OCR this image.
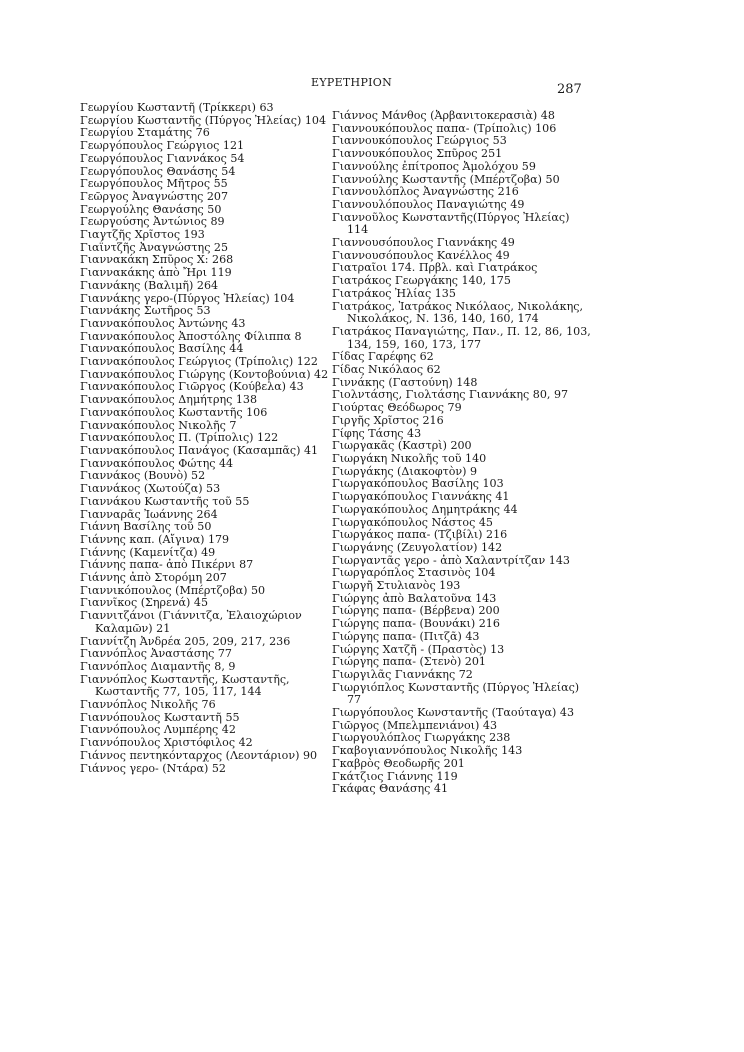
ΕΥΡΕΤΗΡΙΟΝ	287
Γεωργίου Κωσταντῆ (Τρίκκερι) 63
Γεωργίου Κωσταντῆς (Πύργος Ἠλείας) 104
Γεωργίου Σταμάτης 76
Γεωργόπουλος Γεώργιος 121
Γεωργόπουλος Γιαννάκος 54
Γεωργόπουλος Θανάσης 54
Γεωργόπουλος Μῆτρος 55
Γεῶργος Ἀναγνώστης 207
Γεωργούλης Θανάσης 50
Γεωργούσης Ἀντώνιος 89
Γιαγτζῆς Χρῖστος 193
Γιαΐντζῆς Ἀναγνώστης 25
Γιαννακάκη Σπῦρος Χ: 268
Γιαννακάκης ἀπὸ Ἤρι 119
Γιαννάκης (Βαλιμῆ) 264
Γιαννάκης γερο-(Πύργος Ἠλείας) 104
Γιαννάκης Σωτῆρος 53
Γιαννακόπουλος Ἀντώνης 43
Γιαννακόπουλος Ἀποστόλης Φίλιππα 8
Γιαννακόπουλος Βασίλης 44
Γιαννακόπουλος Γεώργιος (Τρίπολις) 122
Γιαννακόπουλος Γιώργης (Κοντοβούνια) 42
Γιαννακόπουλος Γιῶργος (Κούβελα) 43
Γιαννακόπουλος Δημήτρης 138
Γιαννακόπουλος Κωσταντῆς 106
Γιαννακόπουλος Νικολῆς 7
Γιαννακόπουλος Π. (Τρίπολις) 122
Γιαννακόπουλος Πανάγος (Κασαμπᾶς) 41
Γιαννακόπουλος Φώτης 44
Γιαννάκος (Βουνὸ) 52
Γιαννάκος (Χωτούζα) 53
Γιαννάκου Κωσταντῆς τοῦ 55
Γιανναρᾶς Ἰωάννης 264
Γιάννη Βασίλης τοῦ 50
Γιάννης καπ. (Αἴγινα) 179
Γιάννης (Καμενίτζα) 49
Γιάννης παπα- ἀπὸ Πικέρνι 87
Γιάννης ἀπὸ Στορόμη 207
Γιαννικόπουλος (Μπέρτζοβα) 50
Γιαννῖκος (Σηρενά) 45
Γιαννιτζάνοι (Γιάννιτζα, Ἐλαιοχώριον Καλαμῶν) 21
Γιαννίτζη Ἀνδρέα 205, 209, 217, 236
Γιαννόπλος Ἀναστάσης 77
Γιαννόπλος Διαμαντῆς 8, 9
Γιαννόπλος Κωσταντῆς, Κωσταντῆς, Κωσταντῆς 77, 105, 117, 144
Γιαννόπλος Νικολῆς 76
Γιαννόπουλος Κωσταντῆ 55
Γιαννόπουλος Λυμπέρης 42
Γιαννόπουλος Χριστόφιλος 42
Γιάννος πεντηκόνταρχος (Λεοντάριον) 90
Γιάννος γερο- (Ντάρα) 52
Γιάννος Μάνθος (Ἀρβανιτοκερασιὰ) 48
Γιαννουκόπουλος παπα- (Τρίπολις) 106
Γιαννουκόπουλος Γεώργιος 53
Γιαννουκόπουλος Σπῦρος 251
Γιαννούλης ἐπίτροπος Ἀμολόχου 59
Γιαννούλης Κωσταντῆς (Μπέρτζοβα) 50
Γιαννουλόπλος Ἀναγνώστης 216
Γιαννουλόπουλος Παναγιώτης 49
Γιαννοῦλος Κωνσταντῆς(Πύργος Ἠλείας) 114
Γιαννουσόπουλος Γιαννάκης 49
Γιαννουσόπουλος Κανέλλος 49
Γιατραῖοι 174. Πρβλ. καὶ Γιατράκος
Γιατράκος Γεωργάκης 140, 175
Γιατράκος Ἠλίας 135
Γιατράκος, Ἰατράκος Νικόλαος, Νικολάκης, Νικολάκος, Ν. 136, 140, 160, 174
Γιατράκος Παναγιώτης, Παν., Π. 12, 86, 103, 134, 159, 160, 173, 177
Γίδας Γαρέφης 62
Γίδας Νικόλαος 62
Γιννάκης (Γαστούνη) 148
Γιολντάσης, Γιολτάσης Γιαννάκης 80, 97
Γιούρτας Θεόδωρος 79
Γιργῆς Χρῖστος 216
Γίφης Τάσης 43
Γιωργακᾶς (Καστρὶ) 200
Γιωργάκη Νικολῆς τοῦ 140
Γιωργάκης (Διακοφτὸν) 9
Γιωργακόπουλος Βασίλης 103
Γιωργακόπουλος Γιαννάκης 41
Γιωργακόπουλος Δημητράκης 44
Γιωργακόπουλος Νάστος 45
Γιωργάκος παπα- (Τζιβίλι) 216
Γιωργάνης (Ζευγολατίον) 142
Γιωργαντᾶς γερο - ἀπὸ Χαλαντρίτζαν 143
Γιωργαρόπλος Στασινὸς 104
Γιωργῆ Στυλιανὸς 193
Γιώργης ἀπὸ Βαλατοῦνα 143
Γιώργης παπα- (Βέρβενα) 200
Γιώργης παπα- (Βουνάκι) 216
Γιώργης παπα- (Πιτζᾶ) 43
Γιώργης Χατζῆ - (Πραστὸς) 13
Γιώργης παπα- (Στενὸ) 201
Γιωργιλᾶς Γιαννάκης 72
Γιωργιόπλος Κωνσταντῆς (Πύργος Ἠλείας) 77
Γιωργόπουλος Κωνσταντῆς (Ταούταγα) 43
Γιῶργος (Μπελμπενιάνοι) 43
Γιωργουλόπλος Γιωργάκης 238
Γκαβογιαννόπουλος Νικολῆς 143
Γκαβρὸς Θεοδωρῆς 201
Γκάτζιος Γιάννης 119
Γκάφας Θανάσης 41
